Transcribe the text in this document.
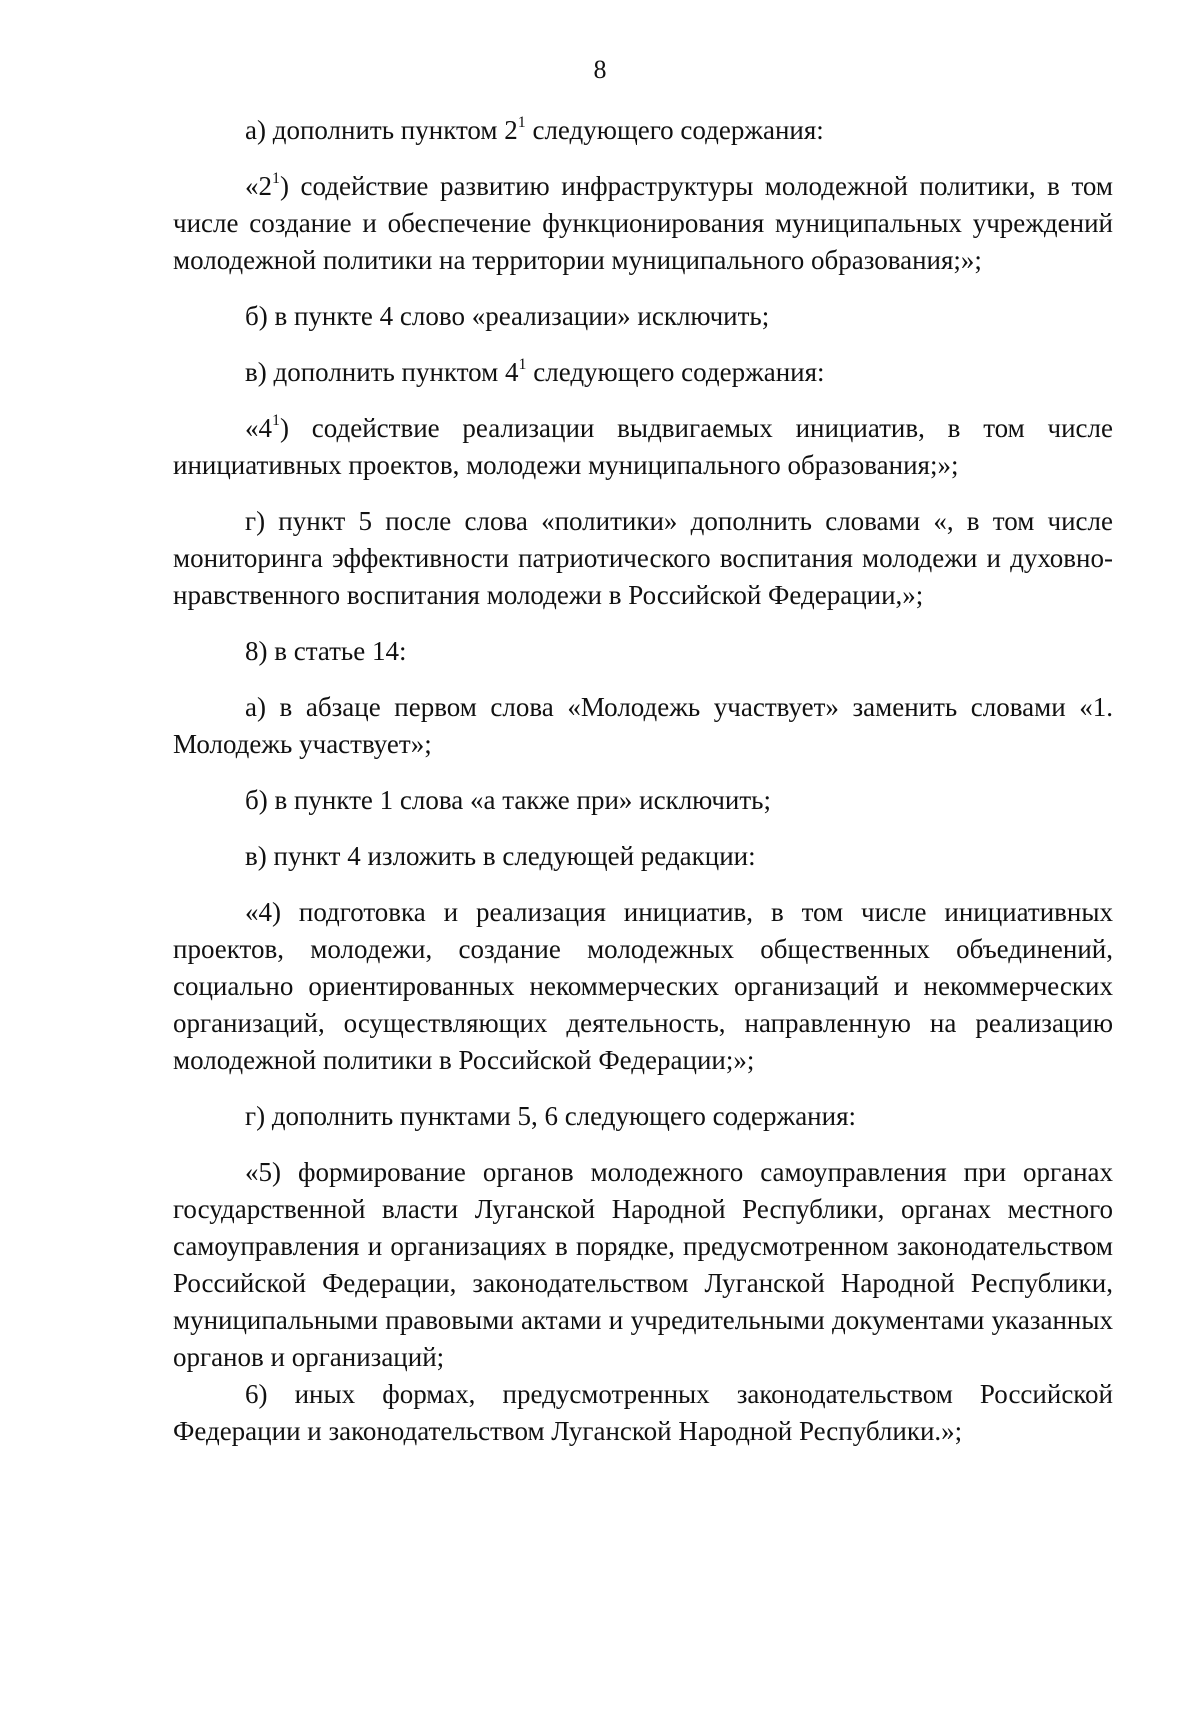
8

а) дополнить пунктом $2^1$ следующего содержания:

«$2^1$) содействие развитию инфраструктуры молодежной политики, в том числе создание и обеспечение функционирования муниципальных учреждений молодежной политики на территории муниципального образования;»;

б) в пункте 4 слово «реализации» исключить;

в) дополнить пунктом $4^1$ следующего содержания:

«$4^1$) содействие реализации выдвигаемых инициатив, в том числе инициативных проектов, молодежи муниципального образования;»;

г) пункт 5 после слова «политики» дополнить словами «, в том числе мониторинга эффективности патриотического воспитания молодежи и духовно-нравственного воспитания молодежи в Российской Федерации,»;

8) в статье 14:

а) в абзаце первом слова «Молодежь участвует» заменить словами «1. Молодежь участвует»;

б) в пункте 1 слова «а также при» исключить;

в) пункт 4 изложить в следующей редакции:

«4) подготовка и реализация инициатив, в том числе инициативных проектов, молодежи, создание молодежных общественных объединений, социально ориентированных некоммерческих организаций и некоммерческих организаций, осуществляющих деятельность, направленную на реализацию молодежной политики в Российской Федерации;»;

г) дополнить пунктами 5, 6 следующего содержания:

«5) формирование органов молодежного самоуправления при органах государственной власти Луганской Народной Республики, органах местного самоуправления и организациях в порядке, предусмотренном законодательством Российской Федерации, законодательством Луганской Народной Республики, муниципальными правовыми актами и учредительными документами указанных органов и организаций;

6) иных формах, предусмотренных законодательством Российской Федерации и законодательством Луганской Народной Республики.»;
